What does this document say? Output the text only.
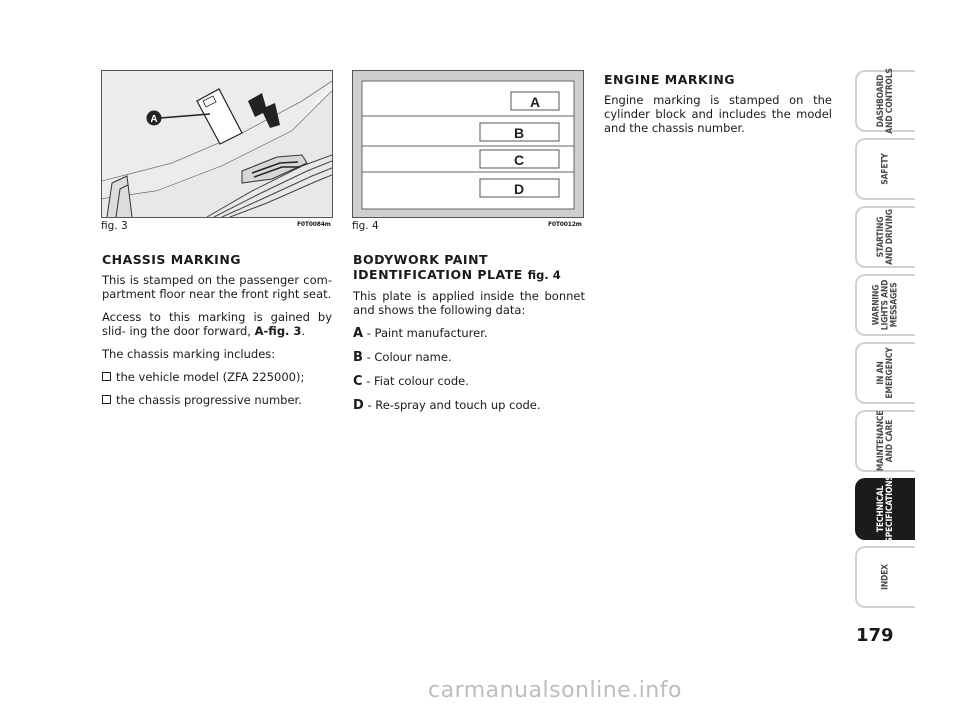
A
fig. 3	F0T0084m
A
B
C
D
fig. 4	F0T0012m
CHASSIS MARKING

This is stamped on the passenger com- partment floor near the front right seat.

Access to this marking is gained by slid- ing the door forward, A-fig. 3.

The chassis marking includes:

the vehicle model (ZFA 225000);

the chassis progressive number.

BODYWORK PAINT IDENTIFICATION PLATE fig. 4

This plate is applied inside the bonnet and shows the following data:

A - Paint manufacturer.

B - Colour name.

C - Fiat colour code.

D - Re-spray and touch up code.

ENGINE MARKING

Engine marking is stamped on the cylinder block and includes the model and the chassis number.

DASHBOARD
AND CONTROLS
SAFETY
STARTING
AND DRIVING
WARNING
LIGHTS AND
MESSAGES
IN AN
EMERGENCY
MAINTENANCE
AND CARE
TECHNICAL
SPECIFICATIONS
INDEX
179
carmanualsonline.info
